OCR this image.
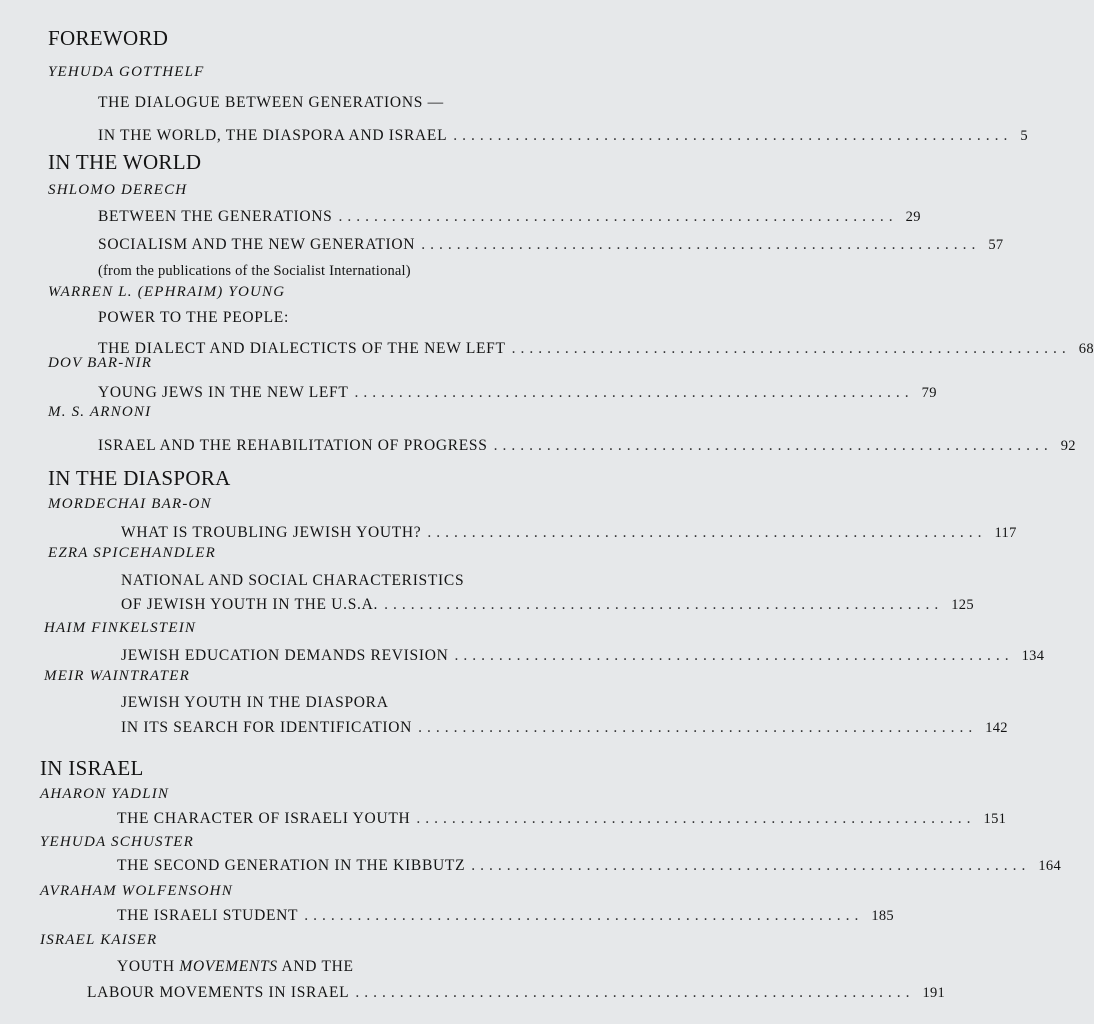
FOREWORD
YEHUDA GOTTHELF
THE DIALOGUE BETWEEN GENERATIONS —
IN THE WORLD, THE DIASPORA AND ISRAEL ............................................................... 5
IN THE WORLD
SHLOMO DERECH
BETWEEN THE GENERATIONS ............................................................... 29
SOCIALISM AND THE NEW GENERATION ............................................................... 57
(from the publications of the Socialist International)
WARREN L. (EPHRAIM) YOUNG
POWER TO THE PEOPLE:
THE DIALECT AND DIALECTICTS OF THE NEW LEFT ............................................................... 68
DOV BAR-NIR
YOUNG JEWS IN THE NEW LEFT ............................................................... 79
M. S. ARNONI
ISRAEL AND THE REHABILITATION OF PROGRESS ............................................................... 92
IN THE DIASPORA
MORDECHAI BAR-ON
WHAT IS TROUBLING JEWISH YOUTH? ............................................................... 117
EZRA SPICEHANDLER
NATIONAL AND SOCIAL CHARACTERISTICS
OF JEWISH YOUTH IN THE U.S.A. ............................................................... 125
HAIM FINKELSTEIN
JEWISH EDUCATION DEMANDS REVISION ............................................................... 134
MEIR WAINTRATER
JEWISH YOUTH IN THE DIASPORA
IN ITS SEARCH FOR IDENTIFICATION ............................................................... 142
IN ISRAEL
AHARON YADLIN
THE CHARACTER OF ISRAELI YOUTH ............................................................... 151
YEHUDA SCHUSTER
THE SECOND GENERATION IN THE KIBBUTZ ............................................................... 164
AVRAHAM WOLFENSOHN
THE ISRAELI STUDENT ............................................................... 185
ISRAEL KAISER
YOUTH MOVEMENTS AND THE
LABOUR MOVEMENTS IN ISRAEL ............................................................... 191
